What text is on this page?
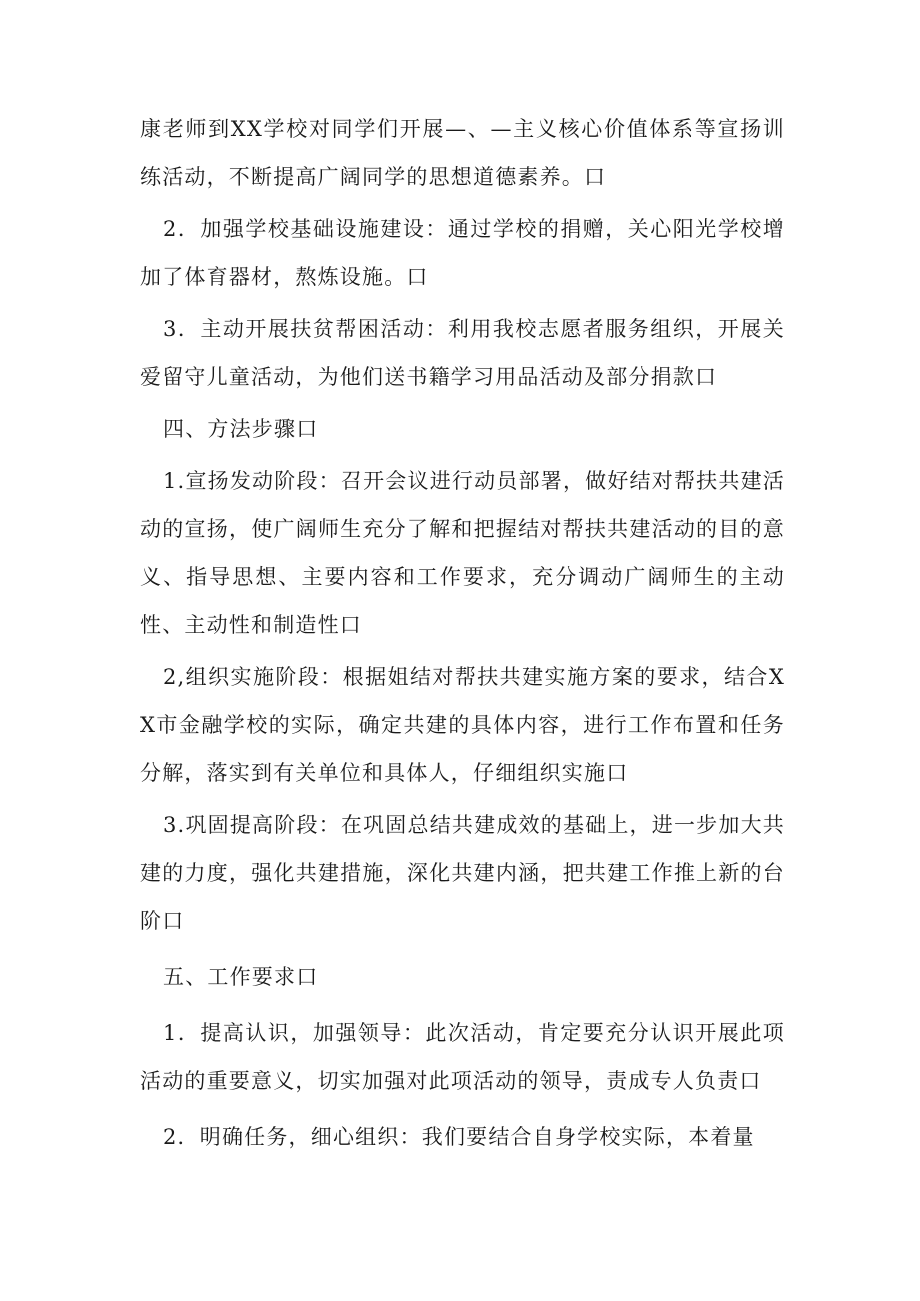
康老师到XX学校对同学们开展—、—主义核心价值体系等宣扬训练活动，不断提高广阔同学的思想道德素养。口

2．加强学校基础设施建设：通过学校的捐赠，关心阳光学校增加了体育器材，熬炼设施。口

3．主动开展扶贫帮困活动：利用我校志愿者服务组织，开展关爱留守儿童活动，为他们送书籍学习用品活动及部分捐款口

四、方法步骤口

1.宣扬发动阶段：召开会议进行动员部署，做好结对帮扶共建活动的宣扬，使广阔师生充分了解和把握结对帮扶共建活动的目的意义、指导思想、主要内容和工作要求，充分调动广阔师生的主动性、主动性和制造性口

2,组织实施阶段：根据姐结对帮扶共建实施方案的要求，结合XX市金融学校的实际，确定共建的具体内容，进行工作布置和任务分解，落实到有关单位和具体人，仔细组织实施口

3.巩固提高阶段：在巩固总结共建成效的基础上，进一步加大共建的力度，强化共建措施，深化共建内涵，把共建工作推上新的台阶口

五、工作要求口

1．提高认识，加强领导：此次活动，肯定要充分认识开展此项活动的重要意义，切实加强对此项活动的领导，责成专人负责口

2．明确任务，细心组织：我们要结合自身学校实际，本着量
